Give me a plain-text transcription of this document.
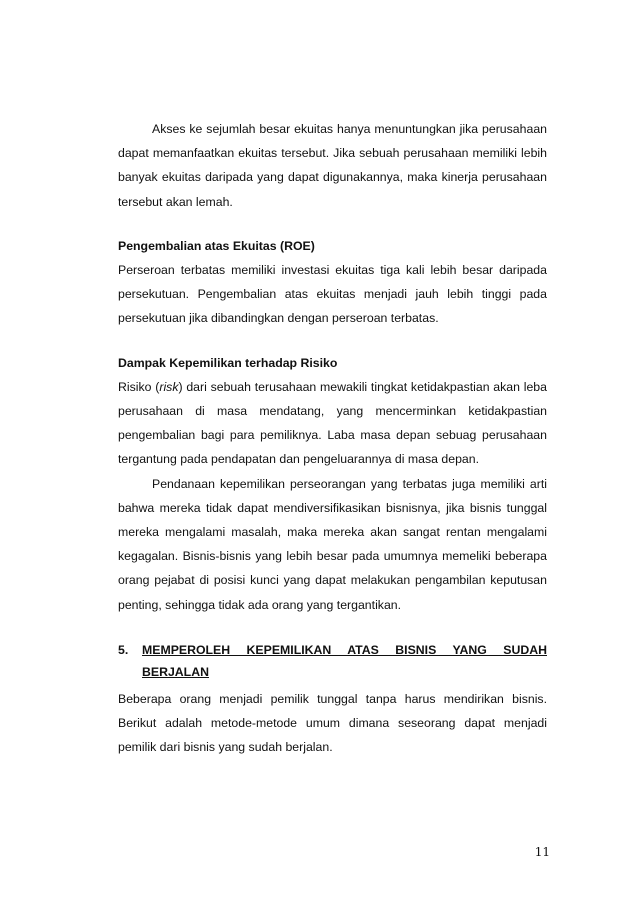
Akses ke sejumlah besar ekuitas hanya menuntungkan jika perusahaan dapat memanfaatkan ekuitas tersebut. Jika sebuah perusahaan memiliki lebih banyak ekuitas daripada yang dapat digunakannya, maka kinerja perusahaan tersebut akan lemah.

Pengembalian atas Ekuitas (ROE)

Perseroan terbatas memiliki investasi ekuitas tiga kali lebih besar daripada persekutuan. Pengembalian atas ekuitas menjadi jauh lebih tinggi pada persekutuan jika dibandingkan dengan perseroan terbatas.

Dampak Kepemilikan terhadap Risiko

Risiko (risk) dari sebuah terusahaan mewakili tingkat ketidakpastian akan leba perusahaan di masa mendatang, yang mencerminkan ketidakpastian pengembalian bagi para pemiliknya. Laba masa depan sebuag perusahaan tergantung pada pendapatan dan pengeluarannya di masa depan.

Pendanaan kepemilikan perseorangan yang terbatas juga memiliki arti bahwa mereka tidak dapat mendiversifikasikan bisnisnya, jika bisnis tunggal mereka mengalami masalah, maka mereka akan sangat rentan mengalami kegagalan. Bisnis-bisnis yang lebih besar pada umumnya memeliki beberapa orang pejabat di posisi kunci yang dapat melakukan pengambilan keputusan penting, sehingga tidak ada orang yang tergantikan.

5.	MEMPEROLEH KEPEMILIKAN ATAS BISNIS YANG SUDAH BERJALAN

Beberapa orang menjadi pemilik tunggal tanpa harus mendirikan bisnis. Berikut adalah metode-metode umum dimana seseorang dapat menjadi pemilik dari bisnis yang sudah berjalan.

11
